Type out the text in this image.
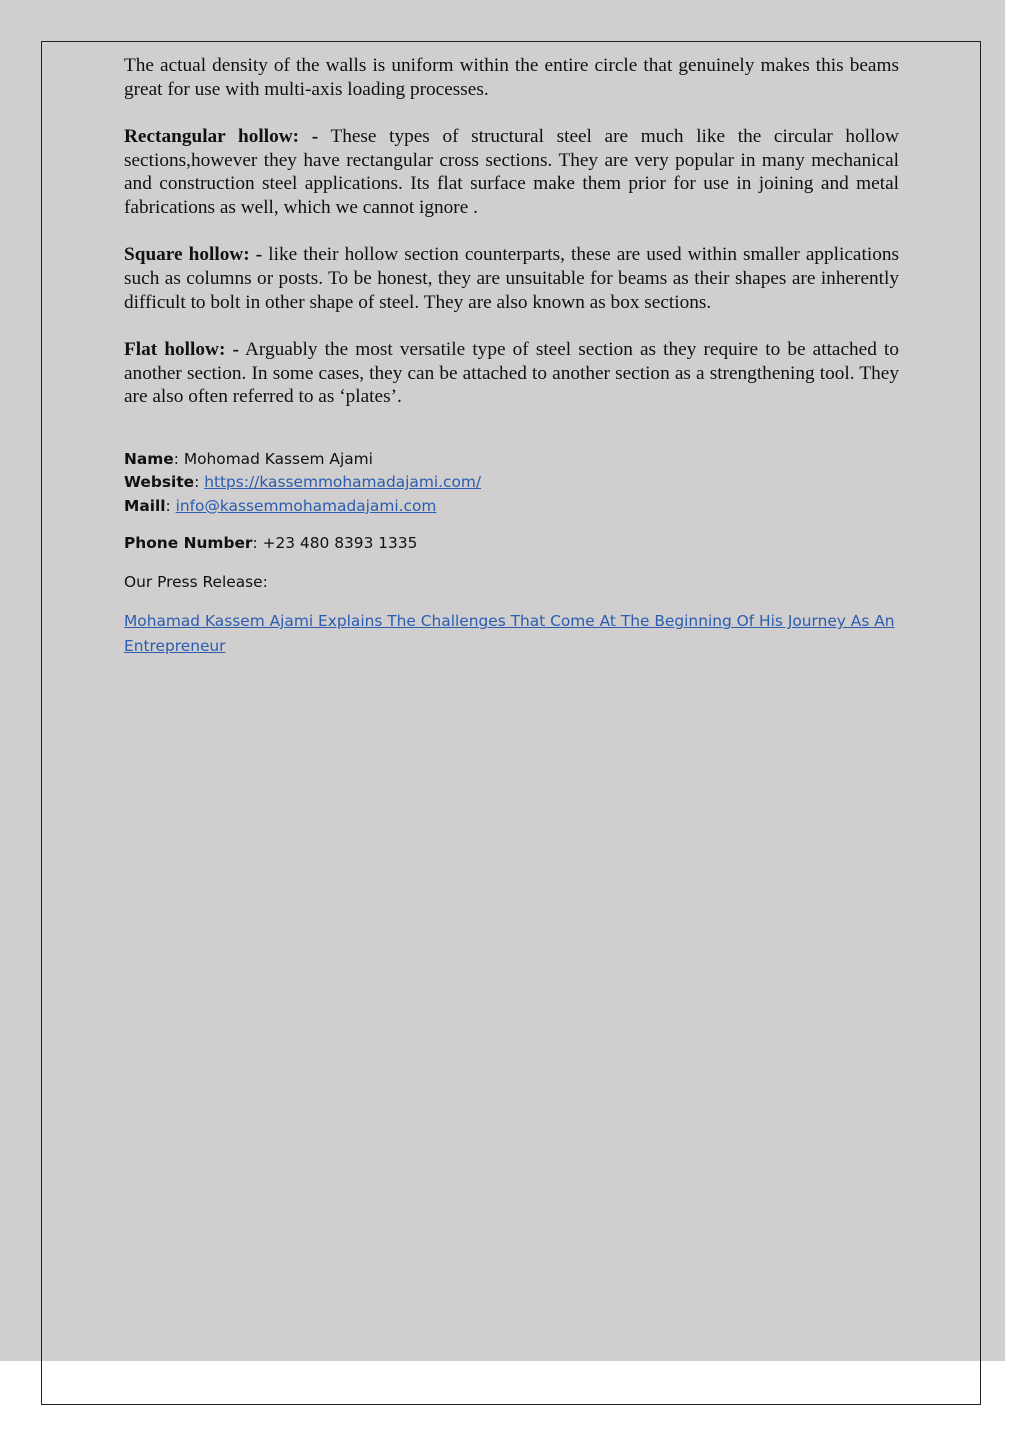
The actual density of the walls is uniform within the entire circle that genuinely makes this beams great for use with multi-axis loading processes.

Rectangular hollow: - These types of structural steel are much like the circular hollow sections,however they have rectangular cross sections. They are very popular in many mechanical and construction steel applications. Its flat surface make them prior for use in joining and metal fabrications as well, which we cannot ignore .

Square hollow: - like their hollow section counterparts, these are used within smaller applications such as columns or posts. To be honest, they are unsuitable for beams as their shapes are inherently difficult to bolt in other shape of steel. They are also known as box sections.

Flat hollow: - Arguably the most versatile type of steel section as they require to be attached to another section. In some cases, they can be attached to another section as a strengthening tool. They are also often referred to as ‘plates’.

Name: Mohomad Kassem Ajami
Website: https://kassemmohamadajami.com/
Maill: info@kassemmohamadajami.com
Phone Number: +23 480 8393 1335
Our Press Release:
Mohamad Kassem Ajami Explains The Challenges That Come At The Beginning Of His Journey As An Entrepreneur
